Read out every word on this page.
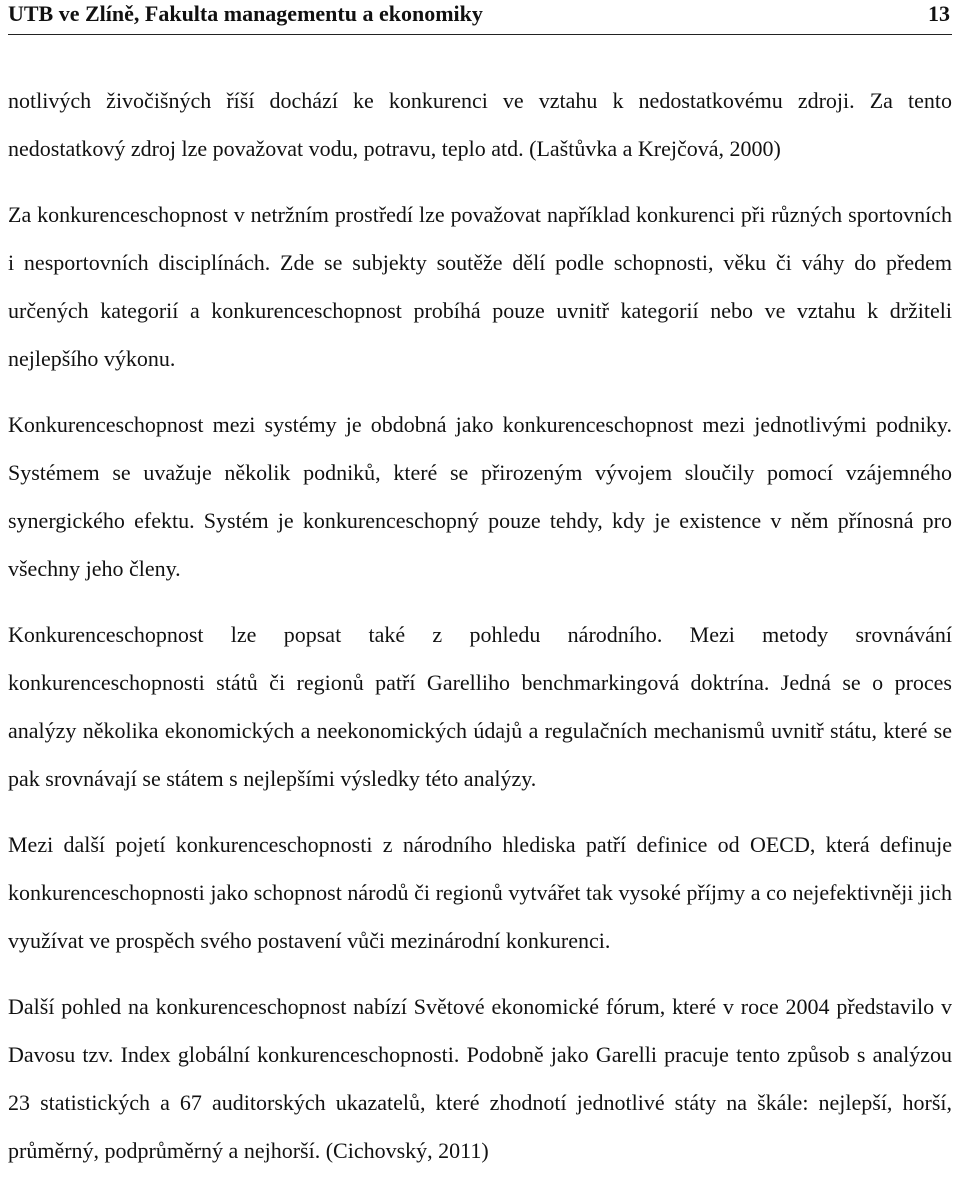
UTB ve Zlíně, Fakulta managementu a ekonomiky	13

notlivých živočišných říší dochází ke konkurenci ve vztahu k nedostatkovému zdroji. Za tento nedostatkový zdroj lze považovat vodu, potravu, teplo atd. (Laštůvka a Krejčová, 2000)

Za konkurenceschopnost v netržním prostředí lze považovat například konkurenci při různých sportovních i nesportovních disciplínách. Zde se subjekty soutěže dělí podle schopnosti, věku či váhy do předem určených kategorií a konkurenceschopnost probíhá pouze uvnitř kategorií nebo ve vztahu k držiteli nejlepšího výkonu.

Konkurenceschopnost mezi systémy je obdobná jako konkurenceschopnost mezi jednotlivými podniky. Systémem se uvažuje několik podniků, které se přirozeným vývojem sloučily pomocí vzájemného synergického efektu. Systém je konkurenceschopný pouze tehdy, kdy je existence v něm přínosná pro všechny jeho členy.

Konkurenceschopnost lze popsat také z pohledu národního. Mezi metody srovnávání konkurenceschopnosti států či regionů patří Garelliho benchmarkingová doktrína. Jedná se o proces analýzy několika ekonomických a neekonomických údajů a regulačních mechanismů uvnitř státu, které se pak srovnávají se státem s nejlepšími výsledky této analýzy.

Mezi další pojetí konkurenceschopnosti z národního hlediska patří definice od OECD, která definuje konkurenceschopnosti jako schopnost národů či regionů vytvářet tak vysoké příjmy a co nejefektivněji jich využívat ve prospěch svého postavení vůči mezinárodní konkurenci.

Další pohled na konkurenceschopnost nabízí Světové ekonomické fórum, které v roce 2004 představilo v Davosu tzv. Index globální konkurenceschopnosti. Podobně jako Garelli pracuje tento způsob s analýzou 23 statistických a 67 auditorských ukazatelů, které zhodnotí jednotlivé státy na škále: nejlepší, horší, průměrný, podprůměrný a nejhorší. (Cichovský, 2011)
